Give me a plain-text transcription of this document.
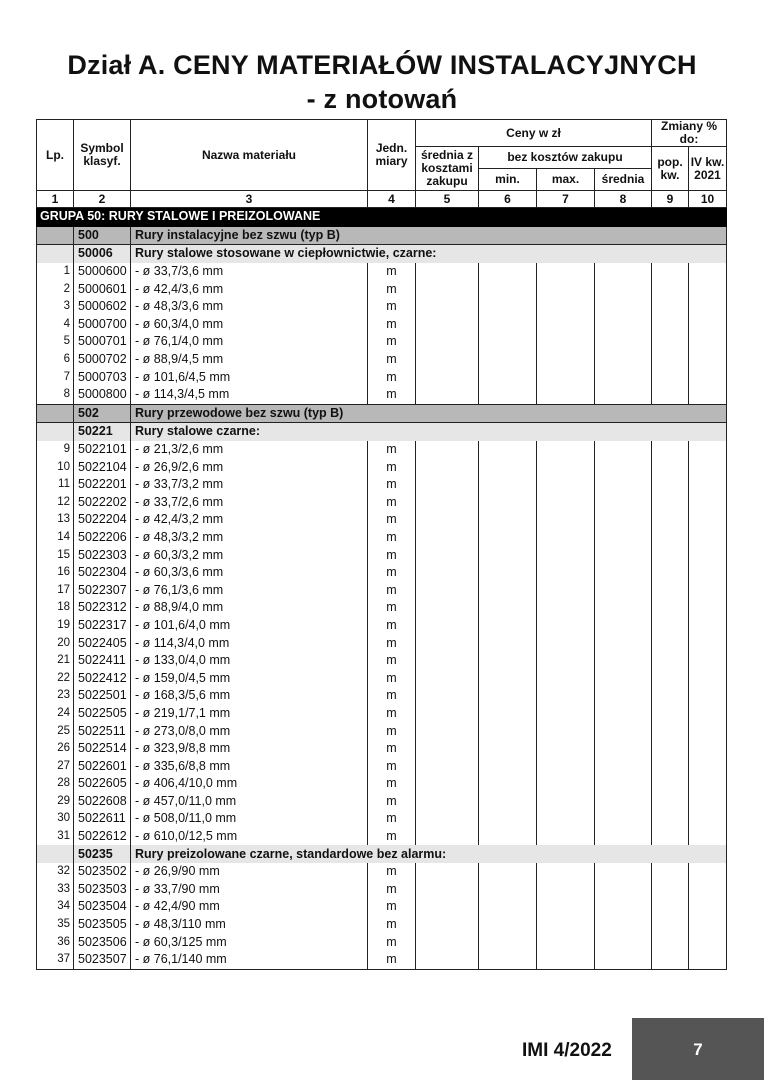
Dział A. CENY MATERIAŁÓW INSTALACYJNYCH
- z notowań
Lp.	Symbol klasyf.	Nazwa materiału	Jedn. miary	Ceny w zł				Zmiany % do:	
				średnia z kosztami zakupu	bez kosztów zakupu			pop. kw.	IV kw. 2021
					min.	max.	średnia		
1	2	3	4	5	6	7	8	9	10
GRUPA 50: RURY STALOWE I PREIZOLOWANE									
	500	Rury instalacyjne bez szwu (typ B)							
	50006	Rury stalowe stosowane w ciepłownictwie, czarne:							
1	5000600	- ø 33,7/3,6 mm	m						
2	5000601	- ø 42,4/3,6 mm	m						
3	5000602	- ø 48,3/3,6 mm	m						
4	5000700	- ø 60,3/4,0 mm	m						
5	5000701	- ø 76,1/4,0 mm	m						
6	5000702	- ø 88,9/4,5 mm	m						
7	5000703	- ø 101,6/4,5 mm	m						
8	5000800	- ø 114,3/4,5 mm	m						
	502	Rury przewodowe bez szwu (typ B)							
	50221	Rury stalowe czarne:							
9	5022101	- ø 21,3/2,6 mm	m						
10	5022104	- ø 26,9/2,6 mm	m						
11	5022201	- ø 33,7/3,2 mm	m						
12	5022202	- ø 33,7/2,6 mm	m						
13	5022204	- ø 42,4/3,2 mm	m						
14	5022206	- ø 48,3/3,2 mm	m						
15	5022303	- ø 60,3/3,2 mm	m						
16	5022304	- ø 60,3/3,6 mm	m						
17	5022307	- ø 76,1/3,6 mm	m						
18	5022312	- ø 88,9/4,0 mm	m						
19	5022317	- ø 101,6/4,0 mm	m						
20	5022405	- ø 114,3/4,0 mm	m						
21	5022411	- ø 133,0/4,0 mm	m						
22	5022412	- ø 159,0/4,5 mm	m						
23	5022501	- ø 168,3/5,6 mm	m						
24	5022505	- ø 219,1/7,1 mm	m						
25	5022511	- ø 273,0/8,0 mm	m						
26	5022514	- ø 323,9/8,8 mm	m						
27	5022601	- ø 335,6/8,8 mm	m						
28	5022605	- ø 406,4/10,0 mm	m						
29	5022608	- ø 457,0/11,0 mm	m						
30	5022611	- ø 508,0/11,0 mm	m						
31	5022612	- ø 610,0/12,5 mm	m						
	50235	Rury preizolowane czarne, standardowe bez alarmu:							
32	5023502	- ø 26,9/90 mm	m						
33	5023503	- ø 33,7/90 mm	m						
34	5023504	- ø 42,4/90 mm	m						
35	5023505	- ø 48,3/110 mm	m						
36	5023506	- ø 60,3/125 mm	m						
37	5023507	- ø 76,1/140 mm	m						
IMI 4/2022	7
